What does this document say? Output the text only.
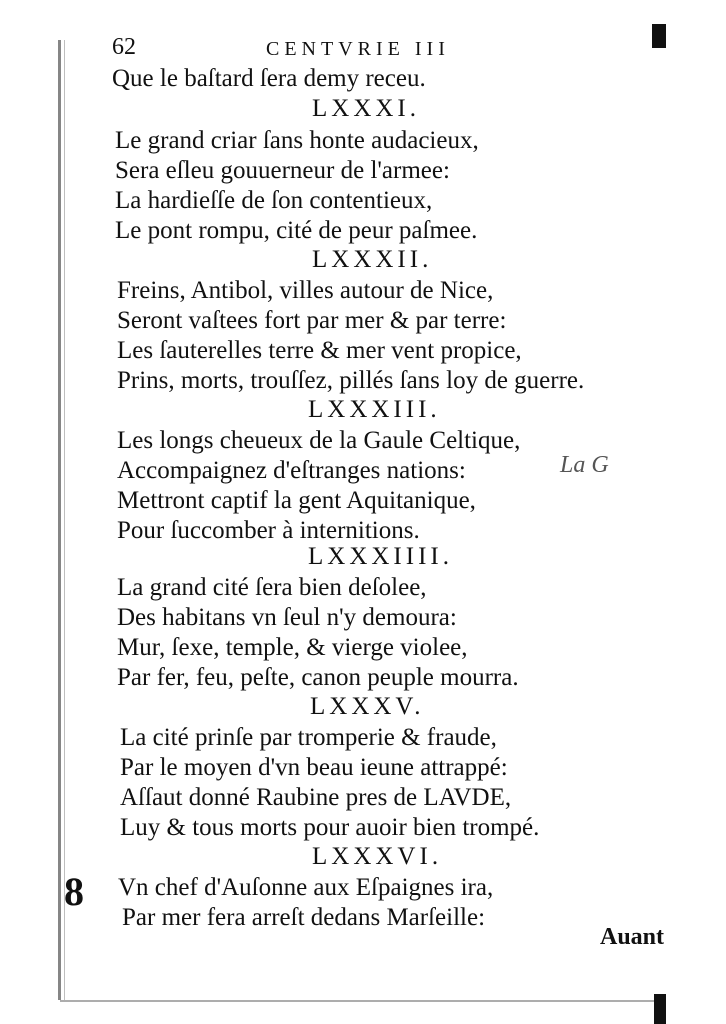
62	CENTVRIE III
Que le baſtard ſera demy receu.
LXXXI.
Le grand criar ſans honte audacieux,
Sera eſleu gouuerneur de l'armee:
La hardieſſe de ſon contentieux,
Le pont rompu, cité de peur paſmee.
LXXXII.
Freins, Antibol, villes autour de Nice,
Seront vaſtees fort par mer & par terre:
Les ſauterelles terre & mer vent propice,
Prins, morts, trouſſez, pillés ſans loy de guerre.
LXXXIII.
Les longs cheueux de la Gaule Celtique,
Accompaignez d'eſtranges nations:
Mettront captif la gent Aquitanique,
Pour ſuccomber à internitions.
LXXXIIII.
La grand cité ſera bien deſolee,
Des habitans vn ſeul n'y demoura:
Mur, ſexe, temple, & vierge violee,
Par fer, feu, peſte, canon peuple mourra.
LXXXV.
La cité prinſe par tromperie & fraude,
Par le moyen d'vn beau ieune attrappé:
Aſſaut donné Raubine pres de LAVDE,
Luy & tous morts pour auoir bien trompé.
LXXXVI.
Vn chef d'Auſonne aux Eſpaignes ira,
Par mer fera arreſt dedans Marſeille:
Auant
La G
8
